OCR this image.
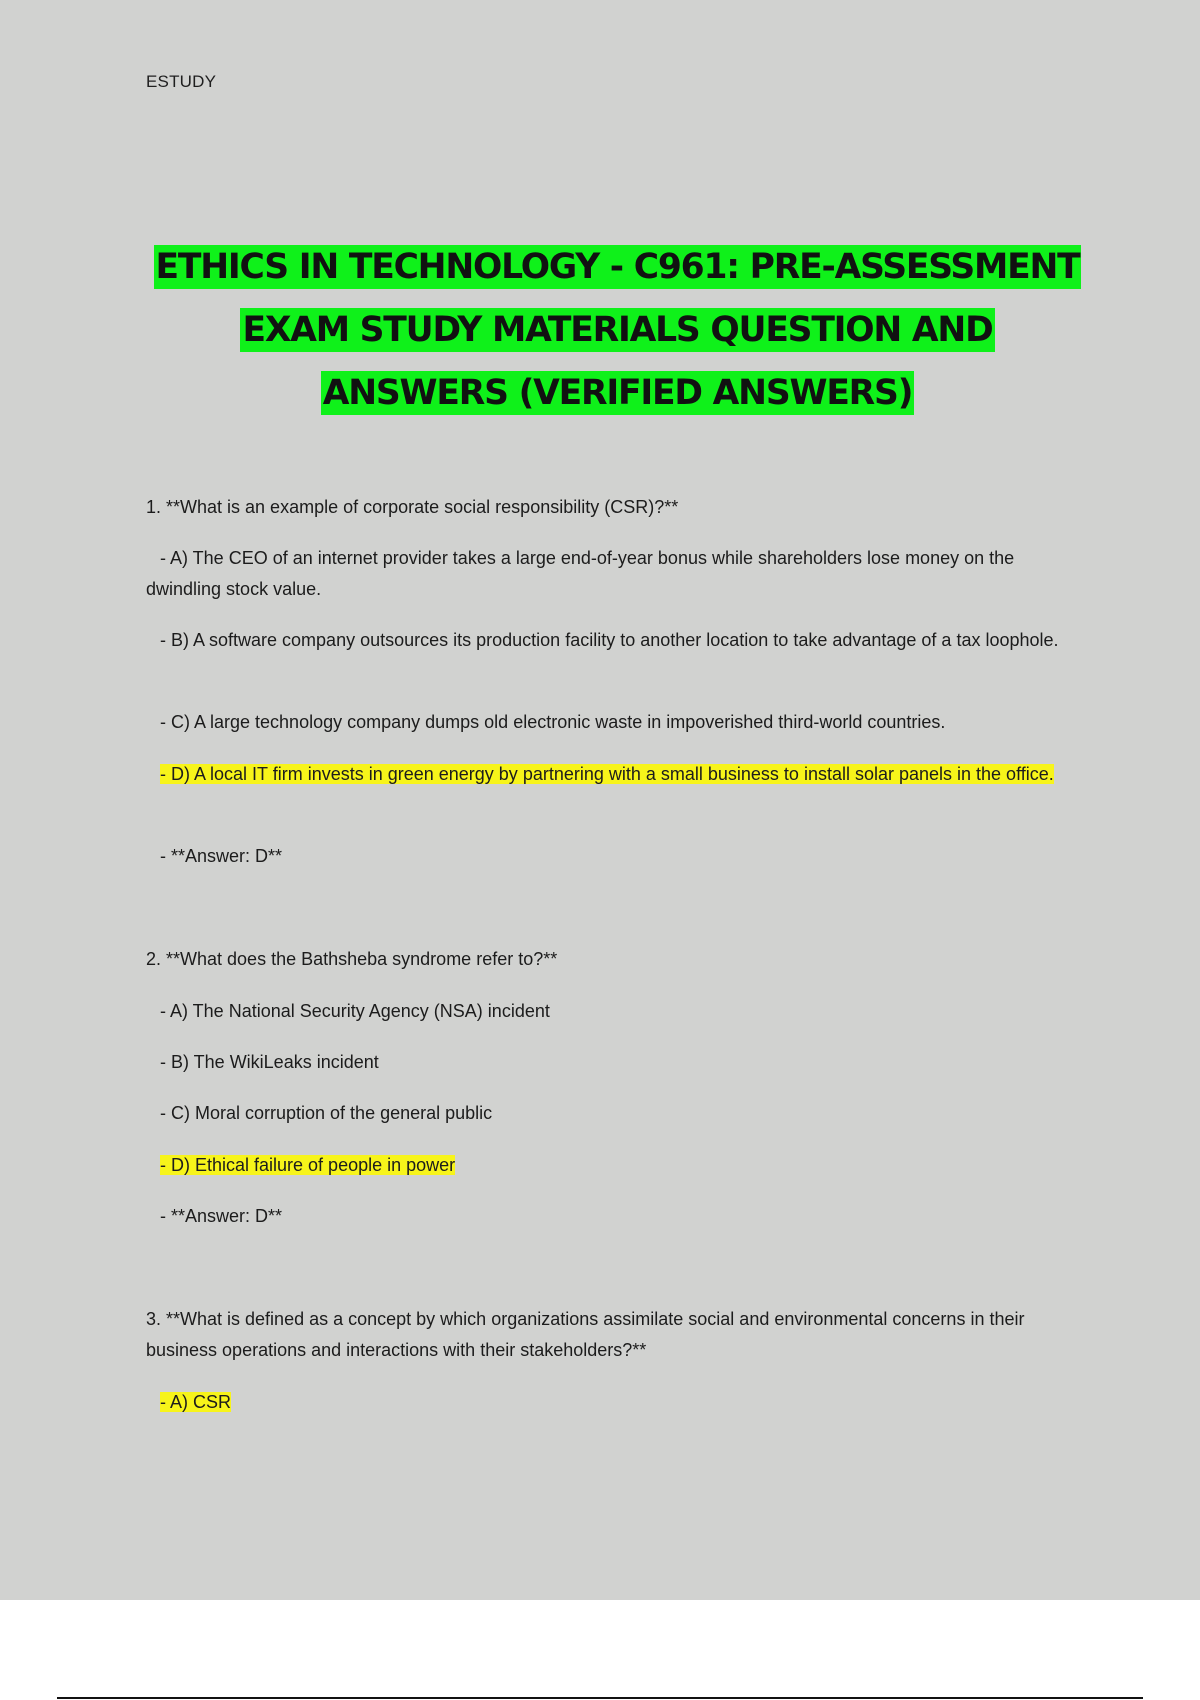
ESTUDY
ETHICS IN TECHNOLOGY - C961: PRE-ASSESSMENT
EXAM STUDY MATERIALS QUESTION AND
ANSWERS (VERIFIED ANSWERS)
1. **What is an example of corporate social responsibility (CSR)?**
- A) The CEO of an internet provider takes a large end-of-year bonus while shareholders lose money on the dwindling stock value.
- B) A software company outsources its production facility to another location to take advantage of a tax loophole.
- C) A large technology company dumps old electronic waste in impoverished third-world countries.
- D) A local IT firm invests in green energy by partnering with a small business to install solar panels in the office.
- **Answer: D**
2. **What does the Bathsheba syndrome refer to?**
- A) The National Security Agency (NSA) incident
- B) The WikiLeaks incident
- C) Moral corruption of the general public
- D) Ethical failure of people in power
- **Answer: D**
3. **What is defined as a concept by which organizations assimilate social and environmental concerns in their business operations and interactions with their stakeholders?**
- A) CSR
